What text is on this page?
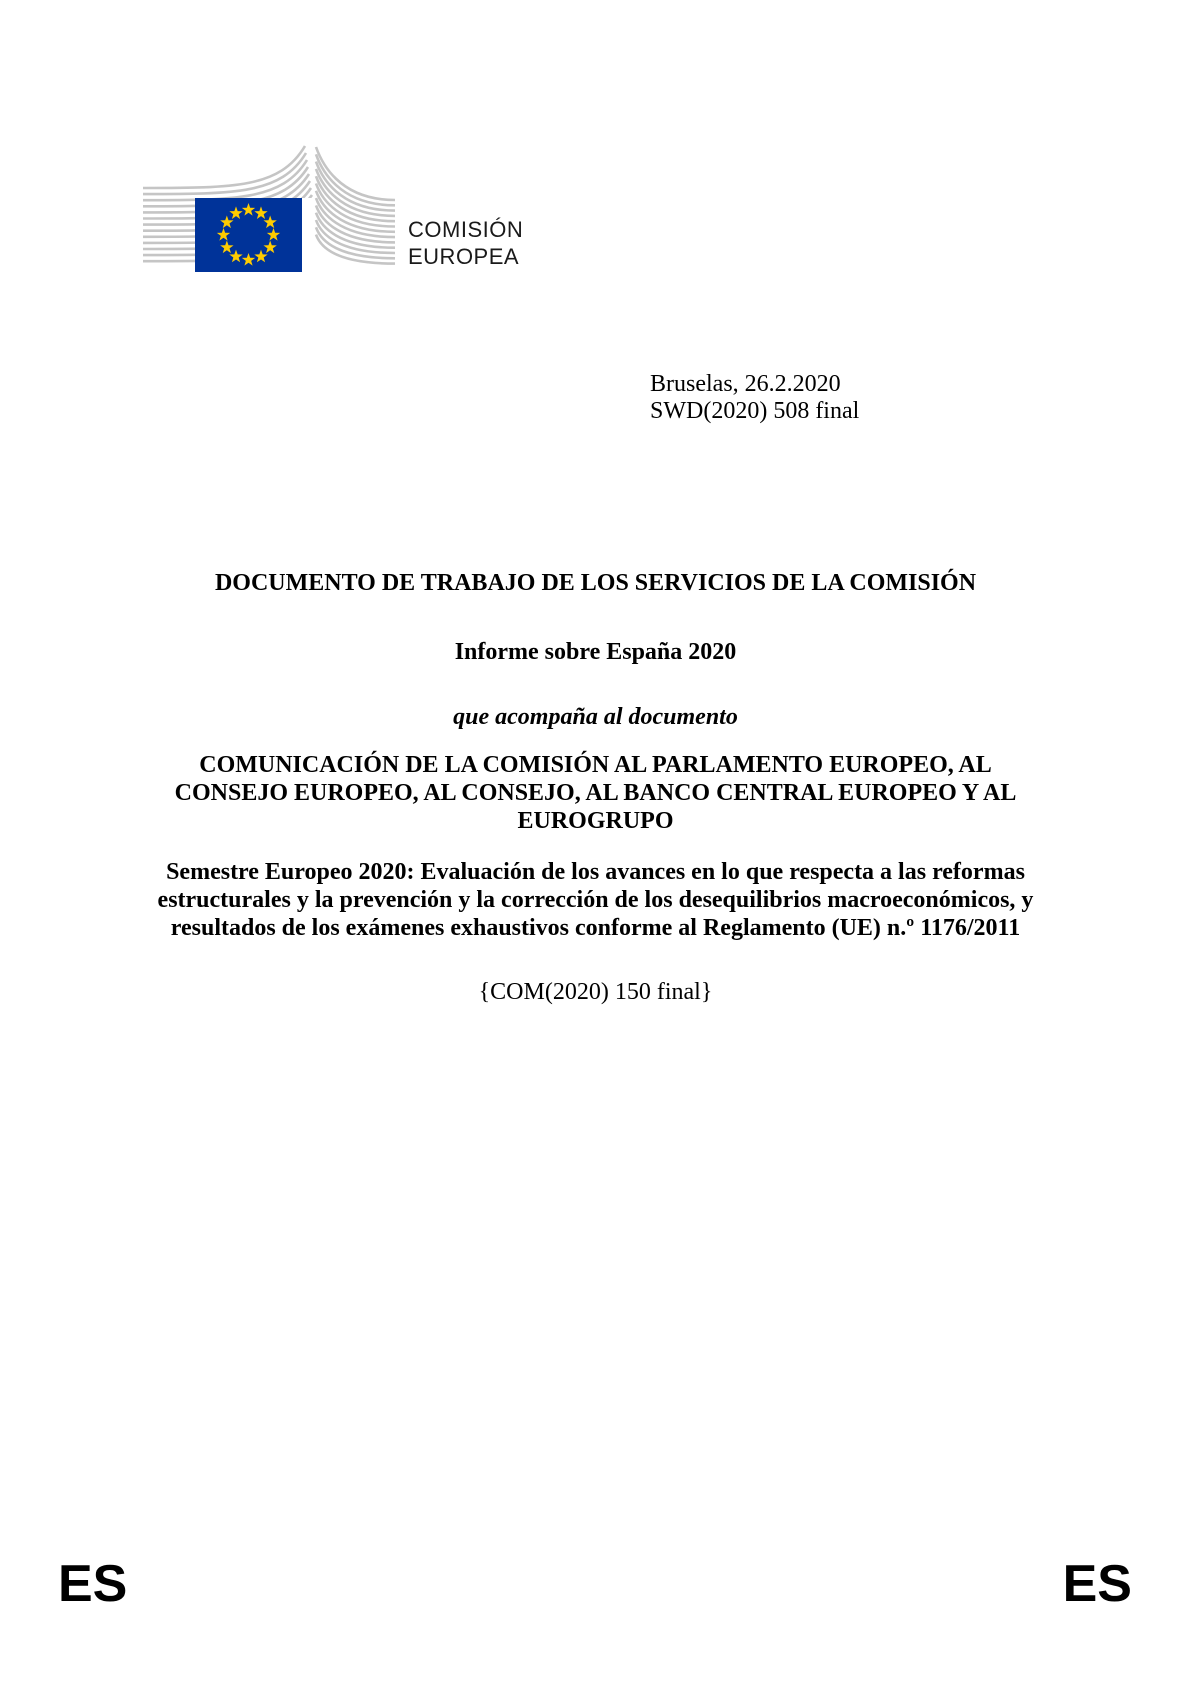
COMISIÓN
EUROPEA
Bruselas, 26.2.2020
SWD(2020) 508 final
DOCUMENTO DE TRABAJO DE LOS SERVICIOS DE LA COMISIÓN
Informe sobre España 2020
que acompaña al documento
COMUNICACIÓN DE LA COMISIÓN AL PARLAMENTO EUROPEO, AL
CONSEJO EUROPEO, AL CONSEJO, AL BANCO CENTRAL EUROPEO Y AL
EUROGRUPO
Semestre Europeo 2020: Evaluación de los avances en lo que respecta a las reformas
estructurales y la prevención y la corrección de los desequilibrios macroeconómicos, y
resultados de los exámenes exhaustivos conforme al Reglamento (UE) n.º 1176/2011
{COM(2020) 150 final}
ES	ES
